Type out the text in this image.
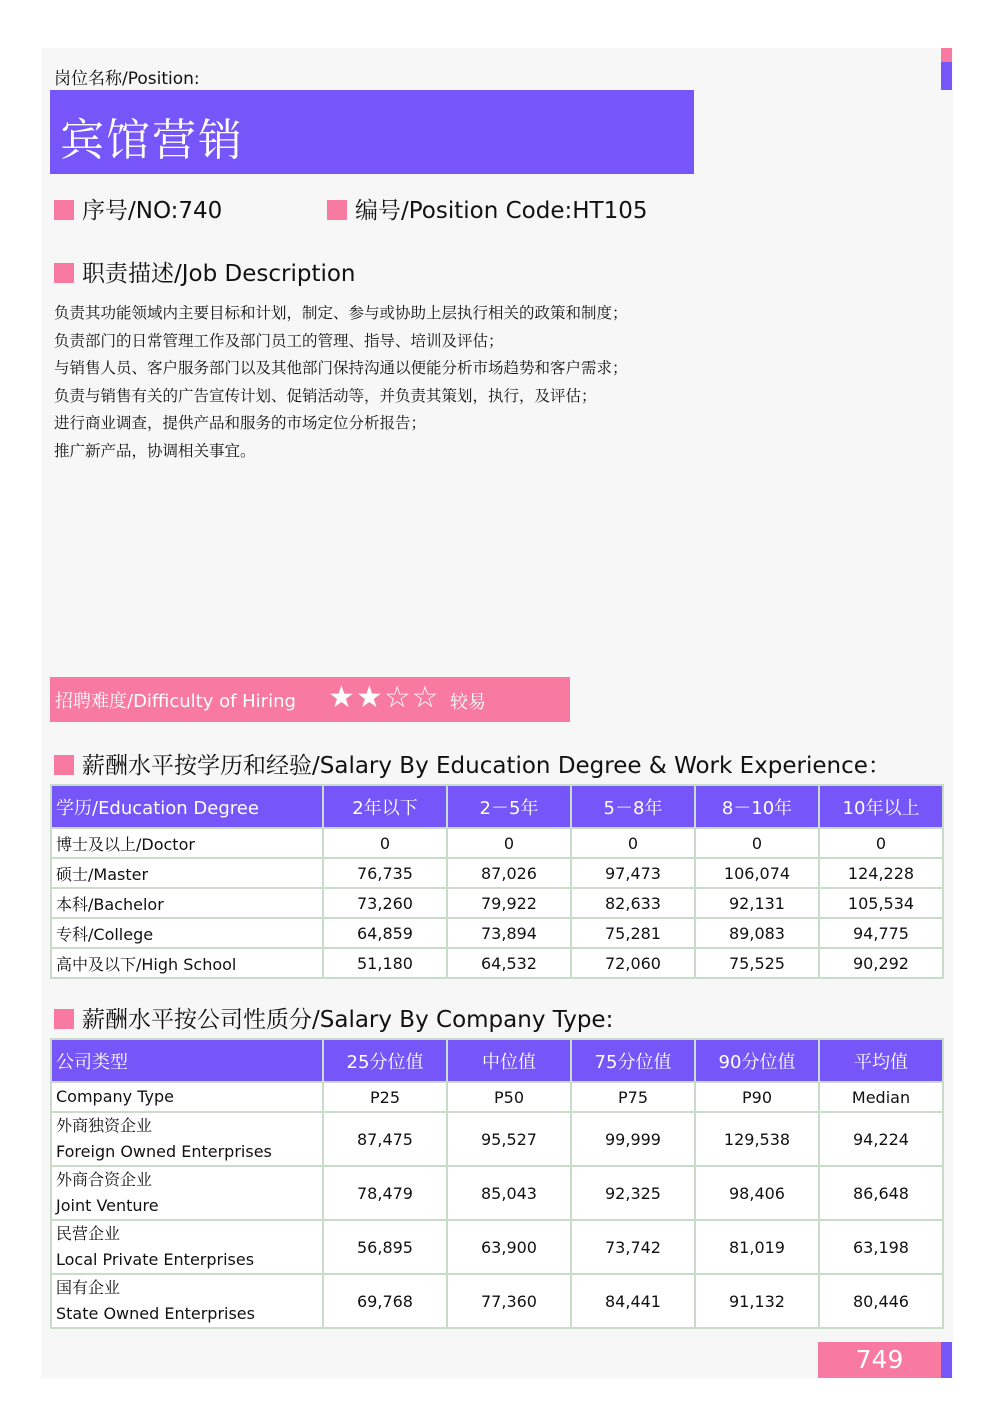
岗位名称/Position:
宾馆营销
序号/NO:740	编号/Position Code:HT105
职责描述/Job Description
负责其功能领域内主要目标和计划，制定、参与或协助上层执行相关的政策和制度；
负责部门的日常管理工作及部门员工的管理、指导、培训及评估；
与销售人员、客户服务部门以及其他部门保持沟通以便能分析市场趋势和客户需求；
负责与销售有关的广告宣传计划、促销活动等，并负责其策划，执行，及评估；
进行商业调查，提供产品和服务的市场定位分析报告；
推广新产品，协调相关事宜。
招聘难度/Difficulty of Hiring ★★☆☆ 较易
薪酬水平按学历和经验/Salary By Education Degree & Work Experience：
学历/Education Degree	2年以下	2－5年	5－8年	8－10年	10年以上
博士及以上/Doctor	0	0	0	0	0
硕士/Master	76,735	87,026	97,473	106,074	124,228
本科/Bachelor	73,260	79,922	82,633	92,131	105,534
专科/College	64,859	73,894	75,281	89,083	94,775
高中及以下/High School	51,180	64,532	72,060	75,525	90,292
薪酬水平按公司性质分/Salary By Company Type:
公司类型	25分位值	中位值	75分位值	90分位值	平均值
Company Type	P25	P50	P75	P90	Median

外商独资企业
Foreign Owned Enterprises	87,475	95,527	99,999	129,538	94,224

外商合资企业
Joint Venture	78,479	85,043	92,325	98,406	86,648

民营企业
Local Private Enterprises	56,895	63,900	73,742	81,019	63,198

国有企业
State Owned Enterprises	69,768	77,360	84,441	91,132	80,446
749
